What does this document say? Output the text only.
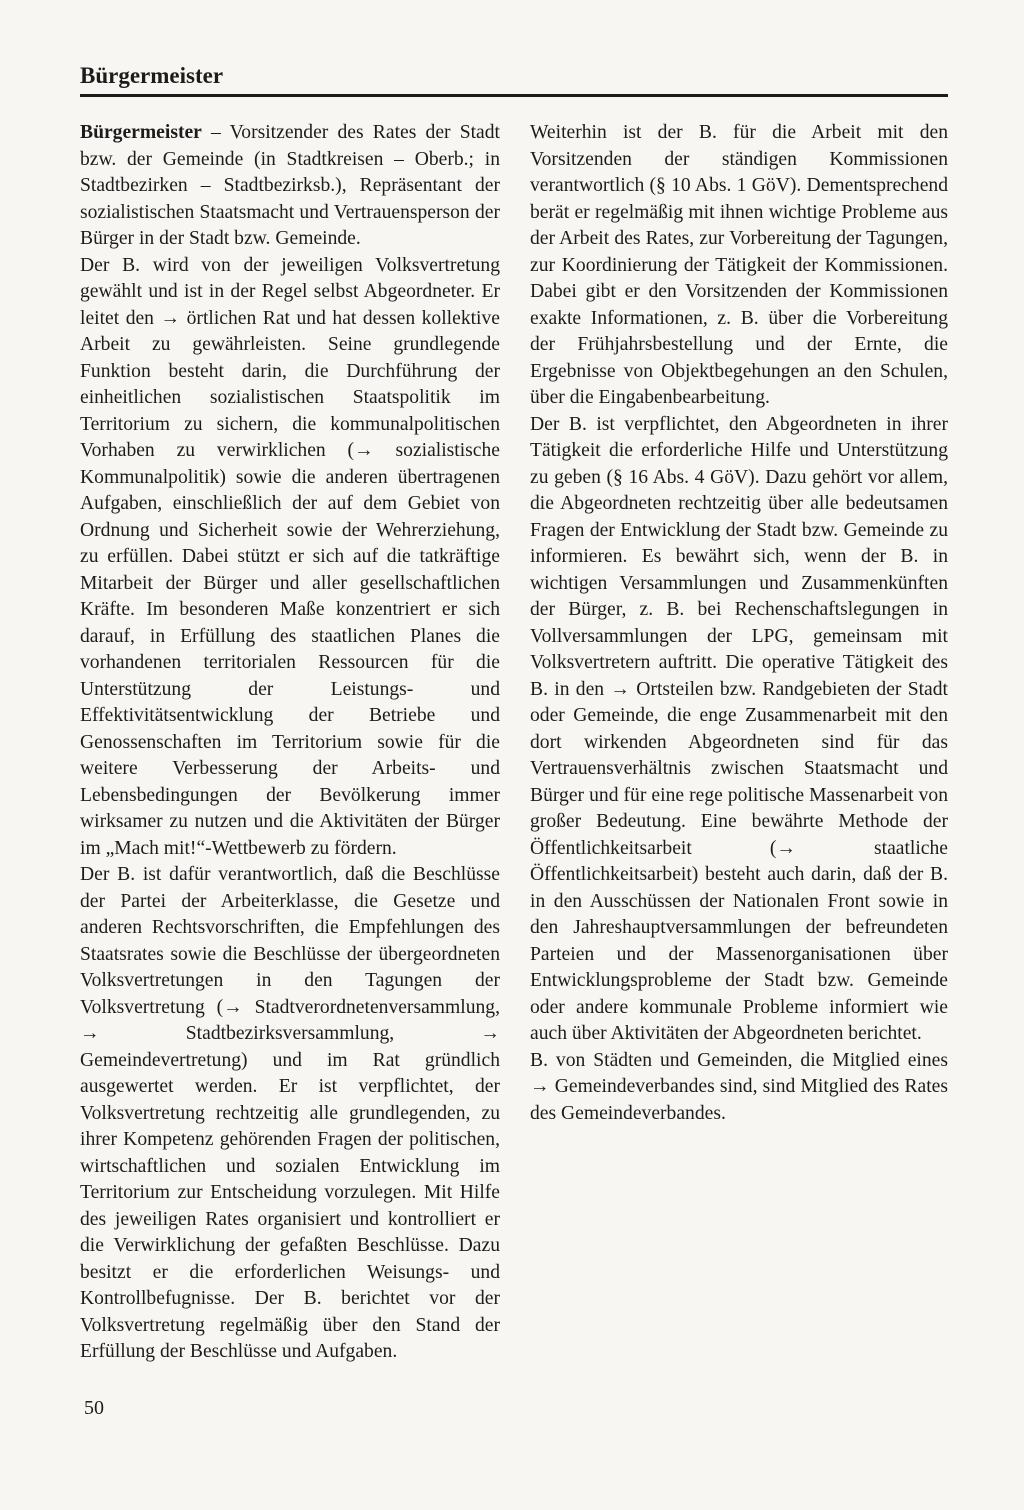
Bürgermeister

Bürgermeister – Vorsitzender des Rates der Stadt bzw. der Gemeinde (in Stadtkreisen – Oberb.; in Stadtbezirken – Stadtbezirksb.), Repräsentant der sozialistischen Staatsmacht und Vertrauensperson der Bürger in der Stadt bzw. Gemeinde.

Der B. wird von der jeweiligen Volksvertretung gewählt und ist in der Regel selbst Abgeordneter. Er leitet den → örtlichen Rat und hat dessen kollektive Arbeit zu gewährleisten. Seine grundlegende Funktion besteht darin, die Durchführung der einheitlichen sozialistischen Staatspolitik im Territorium zu sichern, die kommunalpolitischen Vorhaben zu verwirklichen (→ sozialistische Kommunalpolitik) sowie die anderen übertragenen Aufgaben, einschließlich der auf dem Gebiet von Ordnung und Sicherheit sowie der Wehrerziehung, zu erfüllen. Dabei stützt er sich auf die tatkräftige Mitarbeit der Bürger und aller gesellschaftlichen Kräfte. Im besonderen Maße konzentriert er sich darauf, in Erfüllung des staatlichen Planes die vorhandenen territorialen Ressourcen für die Unterstützung der Leistungs- und Effektivitätsentwicklung der Betriebe und Genossenschaften im Territorium sowie für die weitere Verbesserung der Arbeits- und Lebensbedingungen der Bevölkerung immer wirksamer zu nutzen und die Aktivitäten der Bürger im „Mach mit!“-Wettbewerb zu fördern.

Der B. ist dafür verantwortlich, daß die Beschlüsse der Partei der Arbeiterklasse, die Gesetze und anderen Rechtsvorschriften, die Empfehlungen des Staatsrates sowie die Beschlüsse der übergeordneten Volksvertretungen in den Tagungen der Volksvertretung (→ Stadtverordnetenversammlung, → Stadtbezirksversammlung, → Gemeindevertretung) und im Rat gründlich ausgewertet werden. Er ist verpflichtet, der Volksvertretung rechtzeitig alle grundlegenden, zu ihrer Kompetenz gehörenden Fragen der politischen, wirtschaftlichen und sozialen Entwicklung im Territorium zur Entscheidung vorzulegen. Mit Hilfe des jeweiligen Rates organisiert und kontrolliert er die Verwirklichung der gefaßten Beschlüsse. Dazu besitzt er die erforderlichen Weisungs- und Kontrollbefugnisse. Der B. berichtet vor der Volksvertretung regelmäßig über den Stand der Erfüllung der Beschlüsse und Aufgaben.

Weiterhin ist der B. für die Arbeit mit den Vorsitzenden der ständigen Kommissionen verantwortlich (§ 10 Abs. 1 GöV). Dementsprechend berät er regelmäßig mit ihnen wichtige Probleme aus der Arbeit des Rates, zur Vorbereitung der Tagungen, zur Koordinierung der Tätigkeit der Kommissionen. Dabei gibt er den Vorsitzenden der Kommissionen exakte Informationen, z. B. über die Vorbereitung der Frühjahrsbestellung und der Ernte, die Ergebnisse von Objektbegehungen an den Schulen, über die Eingabenbearbeitung.

Der B. ist verpflichtet, den Abgeordneten in ihrer Tätigkeit die erforderliche Hilfe und Unterstützung zu geben (§ 16 Abs. 4 GöV). Dazu gehört vor allem, die Abgeordneten rechtzeitig über alle bedeutsamen Fragen der Entwicklung der Stadt bzw. Gemeinde zu informieren. Es bewährt sich, wenn der B. in wichtigen Versammlungen und Zusammenkünften der Bürger, z. B. bei Rechenschaftslegungen in Vollversammlungen der LPG, gemeinsam mit Volksvertretern auftritt. Die operative Tätigkeit des B. in den → Ortsteilen bzw. Randgebieten der Stadt oder Gemeinde, die enge Zusammenarbeit mit den dort wirkenden Abgeordneten sind für das Vertrauensverhältnis zwischen Staatsmacht und Bürger und für eine rege politische Massenarbeit von großer Bedeutung. Eine bewährte Methode der Öffentlichkeitsarbeit (→ staatliche Öffentlichkeitsarbeit) besteht auch darin, daß der B. in den Ausschüssen der Nationalen Front sowie in den Jahreshauptversammlungen der befreundeten Parteien und der Massenorganisationen über Entwicklungsprobleme der Stadt bzw. Gemeinde oder andere kommunale Probleme informiert wie auch über Aktivitäten der Abgeordneten berichtet.

B. von Städten und Gemeinden, die Mitglied eines → Gemeindeverbandes sind, sind Mitglied des Rates des Gemeindeverbandes.

50
